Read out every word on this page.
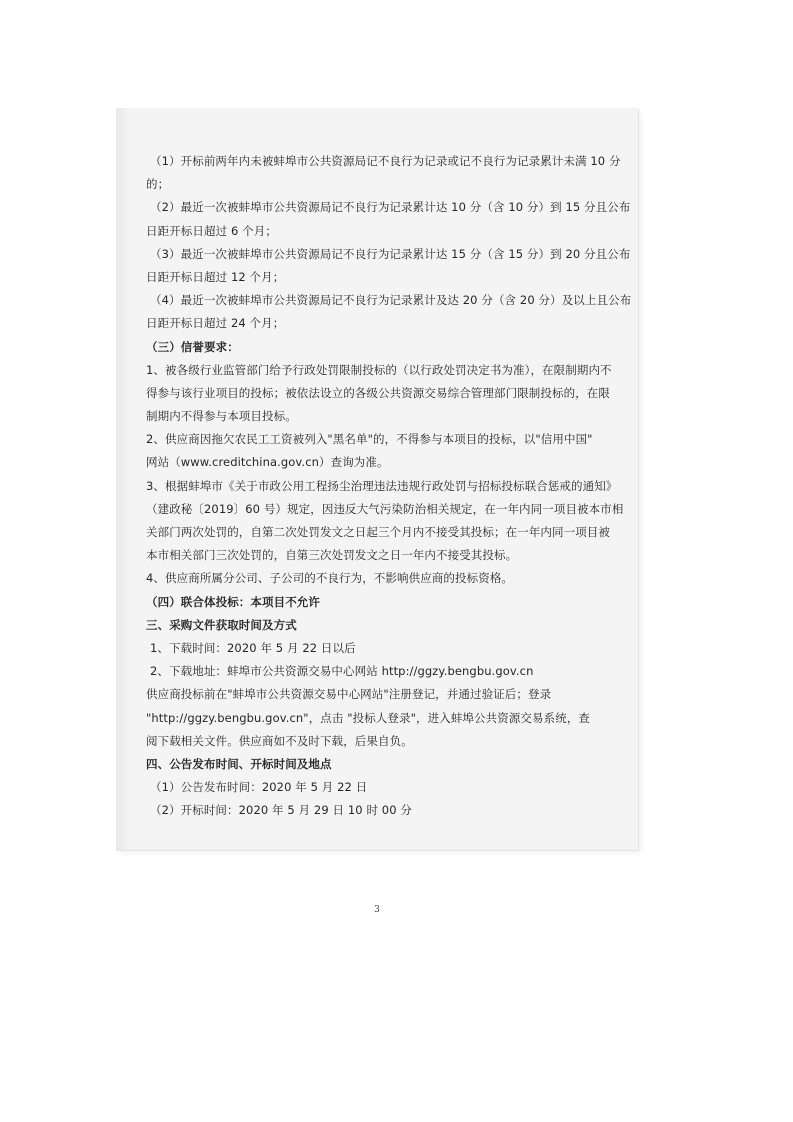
3
（1）开标前两年内未被蚌埠市公共资源局记不良行为记录或记不良行为记录累计未满 10 分
的；
（2）最近一次被蚌埠市公共资源局记不良行为记录累计达 10 分（含 10 分）到 15 分且公布
日距开标日超过 6 个月；
（3）最近一次被蚌埠市公共资源局记不良行为记录累计达 15 分（含 15 分）到 20 分且公布
日距开标日超过 12 个月；
（4）最近一次被蚌埠市公共资源局记不良行为记录累计及达 20 分（含 20 分）及以上且公布
日距开标日超过 24 个月；
（三）信誉要求：
1、被各级行业监管部门给予行政处罚限制投标的（以行政处罚决定书为准），在限制期内不
得参与该行业项目的投标；被依法设立的各级公共资源交易综合管理部门限制投标的，在限
制期内不得参与本项目投标。
2、供应商因拖欠农民工工资被列入"黑名单"的，不得参与本项目的投标，以"信用中国"
网站（www.creditchina.gov.cn）查询为准。
3、根据蚌埠市《关于市政公用工程扬尘治理违法违规行政处罚与招标投标联合惩戒的通知》
（建政秘〔2019〕60 号）规定，因违反大气污染防治相关规定，在一年内同一项目被本市相
关部门两次处罚的，自第二次处罚发文之日起三个月内不接受其投标；在一年内同一项目被
本市相关部门三次处罚的，自第三次处罚发文之日一年内不接受其投标。
4、供应商所属分公司、子公司的不良行为，不影响供应商的投标资格。
（四）联合体投标：本项目不允许
三、采购文件获取时间及方式
1、下载时间：2020 年 5 月 22 日以后
2、下载地址：蚌埠市公共资源交易中心网站 http://ggzy.bengbu.gov.cn
供应商投标前在"蚌埠市公共资源交易中心网站"注册登记，并通过验证后；登录
"http://ggzy.bengbu.gov.cn"，点击 "投标人登录"，进入蚌埠公共资源交易系统，查
阅下载相关文件。供应商如不及时下载，后果自负。
四、公告发布时间、开标时间及地点
（1）公告发布时间：2020 年 5 月 22 日
（2）开标时间：2020 年 5 月 29 日 10 时 00 分
